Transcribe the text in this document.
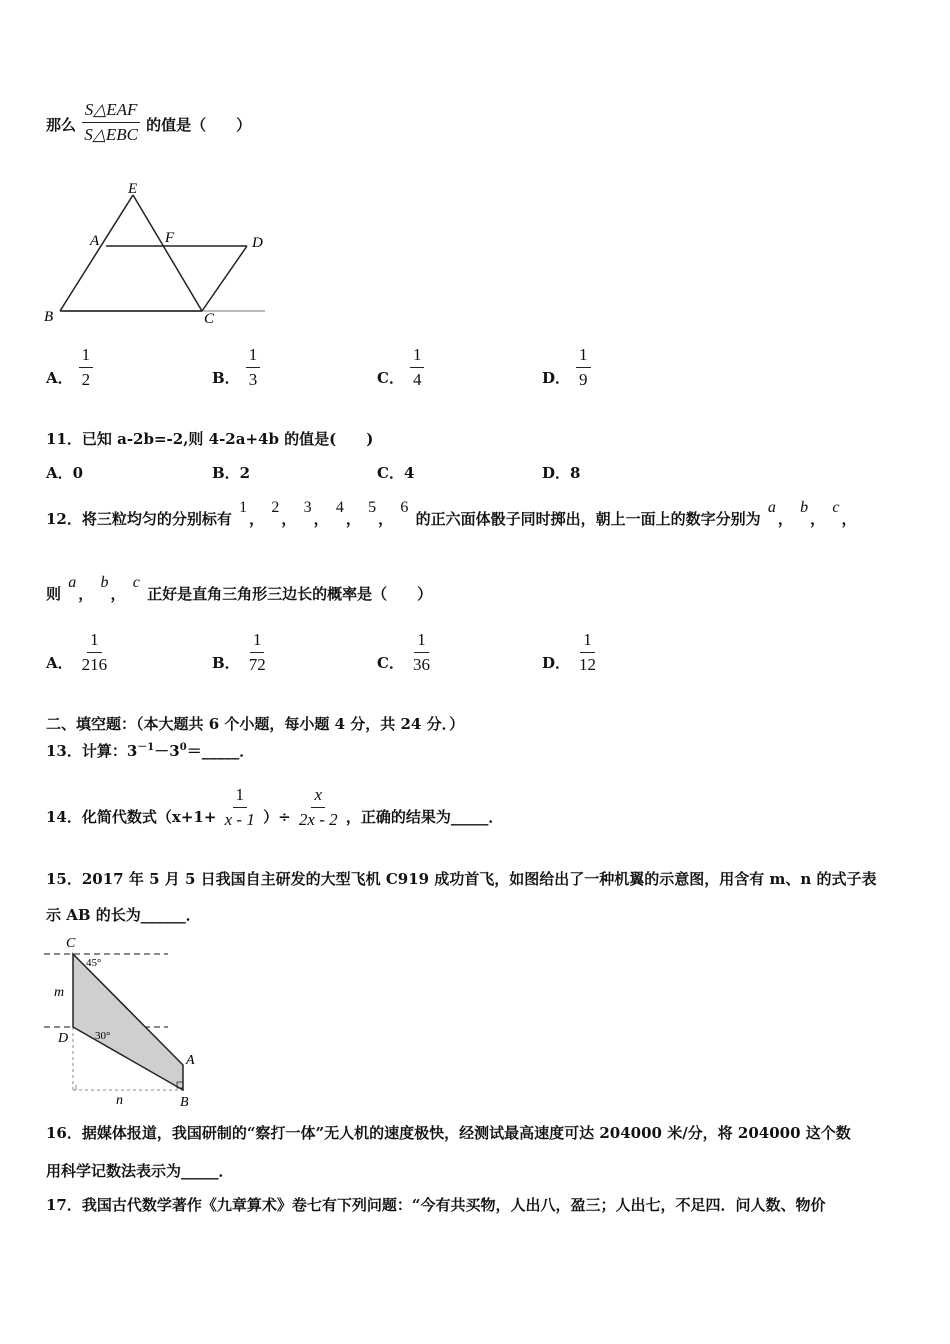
那么 $\frac{\text{S△EAF}}{\text{S△EBC}}$ 的值是（　　）
E
A	F	D
B	C
A． $\frac{1}{2}$	B． $\frac{1}{3}$	C． $\frac{1}{4}$	D． $\frac{1}{9}$
11．已知 a-2b=-2,则 4-2a+4b 的值是(　　)
A．0	B．2	C．4	D．8
12．将三粒均匀的分别标有 1， 2， 3， 4， 5， 6 的正六面体骰子同时掷出，朝上一面上的数字分别为 a， b， c，
则 a， b， c 正好是直角三角形三边长的概率是（　　）
A． $\frac{1}{216}$	B． $\frac{1}{72}$	C． $\frac{1}{36}$	D． $\frac{1}{12}$
二、填空题：（本大题共 6 个小题，每小题 4 分，共 24 分．）
13．计算：$3^{-1}-3^0=\_\_\_\_\_$．
14．化简代数式（$x+1+ \frac{1}{x - 1}$ ）÷ $\frac{x}{2x - 2}$ ，正确的结果为_____．
15．2017 年 5 月 5 日我国自主研发的大型飞机 C919 成功首飞，如图给出了一种机翼的示意图，用含有 m、n 的式子表
示 AB 的长为______．
C
45°
m
D 30°
A
n	B
16．据媒体报道，我国研制的“察打一体”无人机的速度极快，经测试最高速度可达 204000 米/分，将 204000 这个数
用科学记数法表示为_____．
17．我国古代数学著作《九章算术》卷七有下列问题：“今有共买物，人出八，盈三；人出七，不足四．问人数、物价
